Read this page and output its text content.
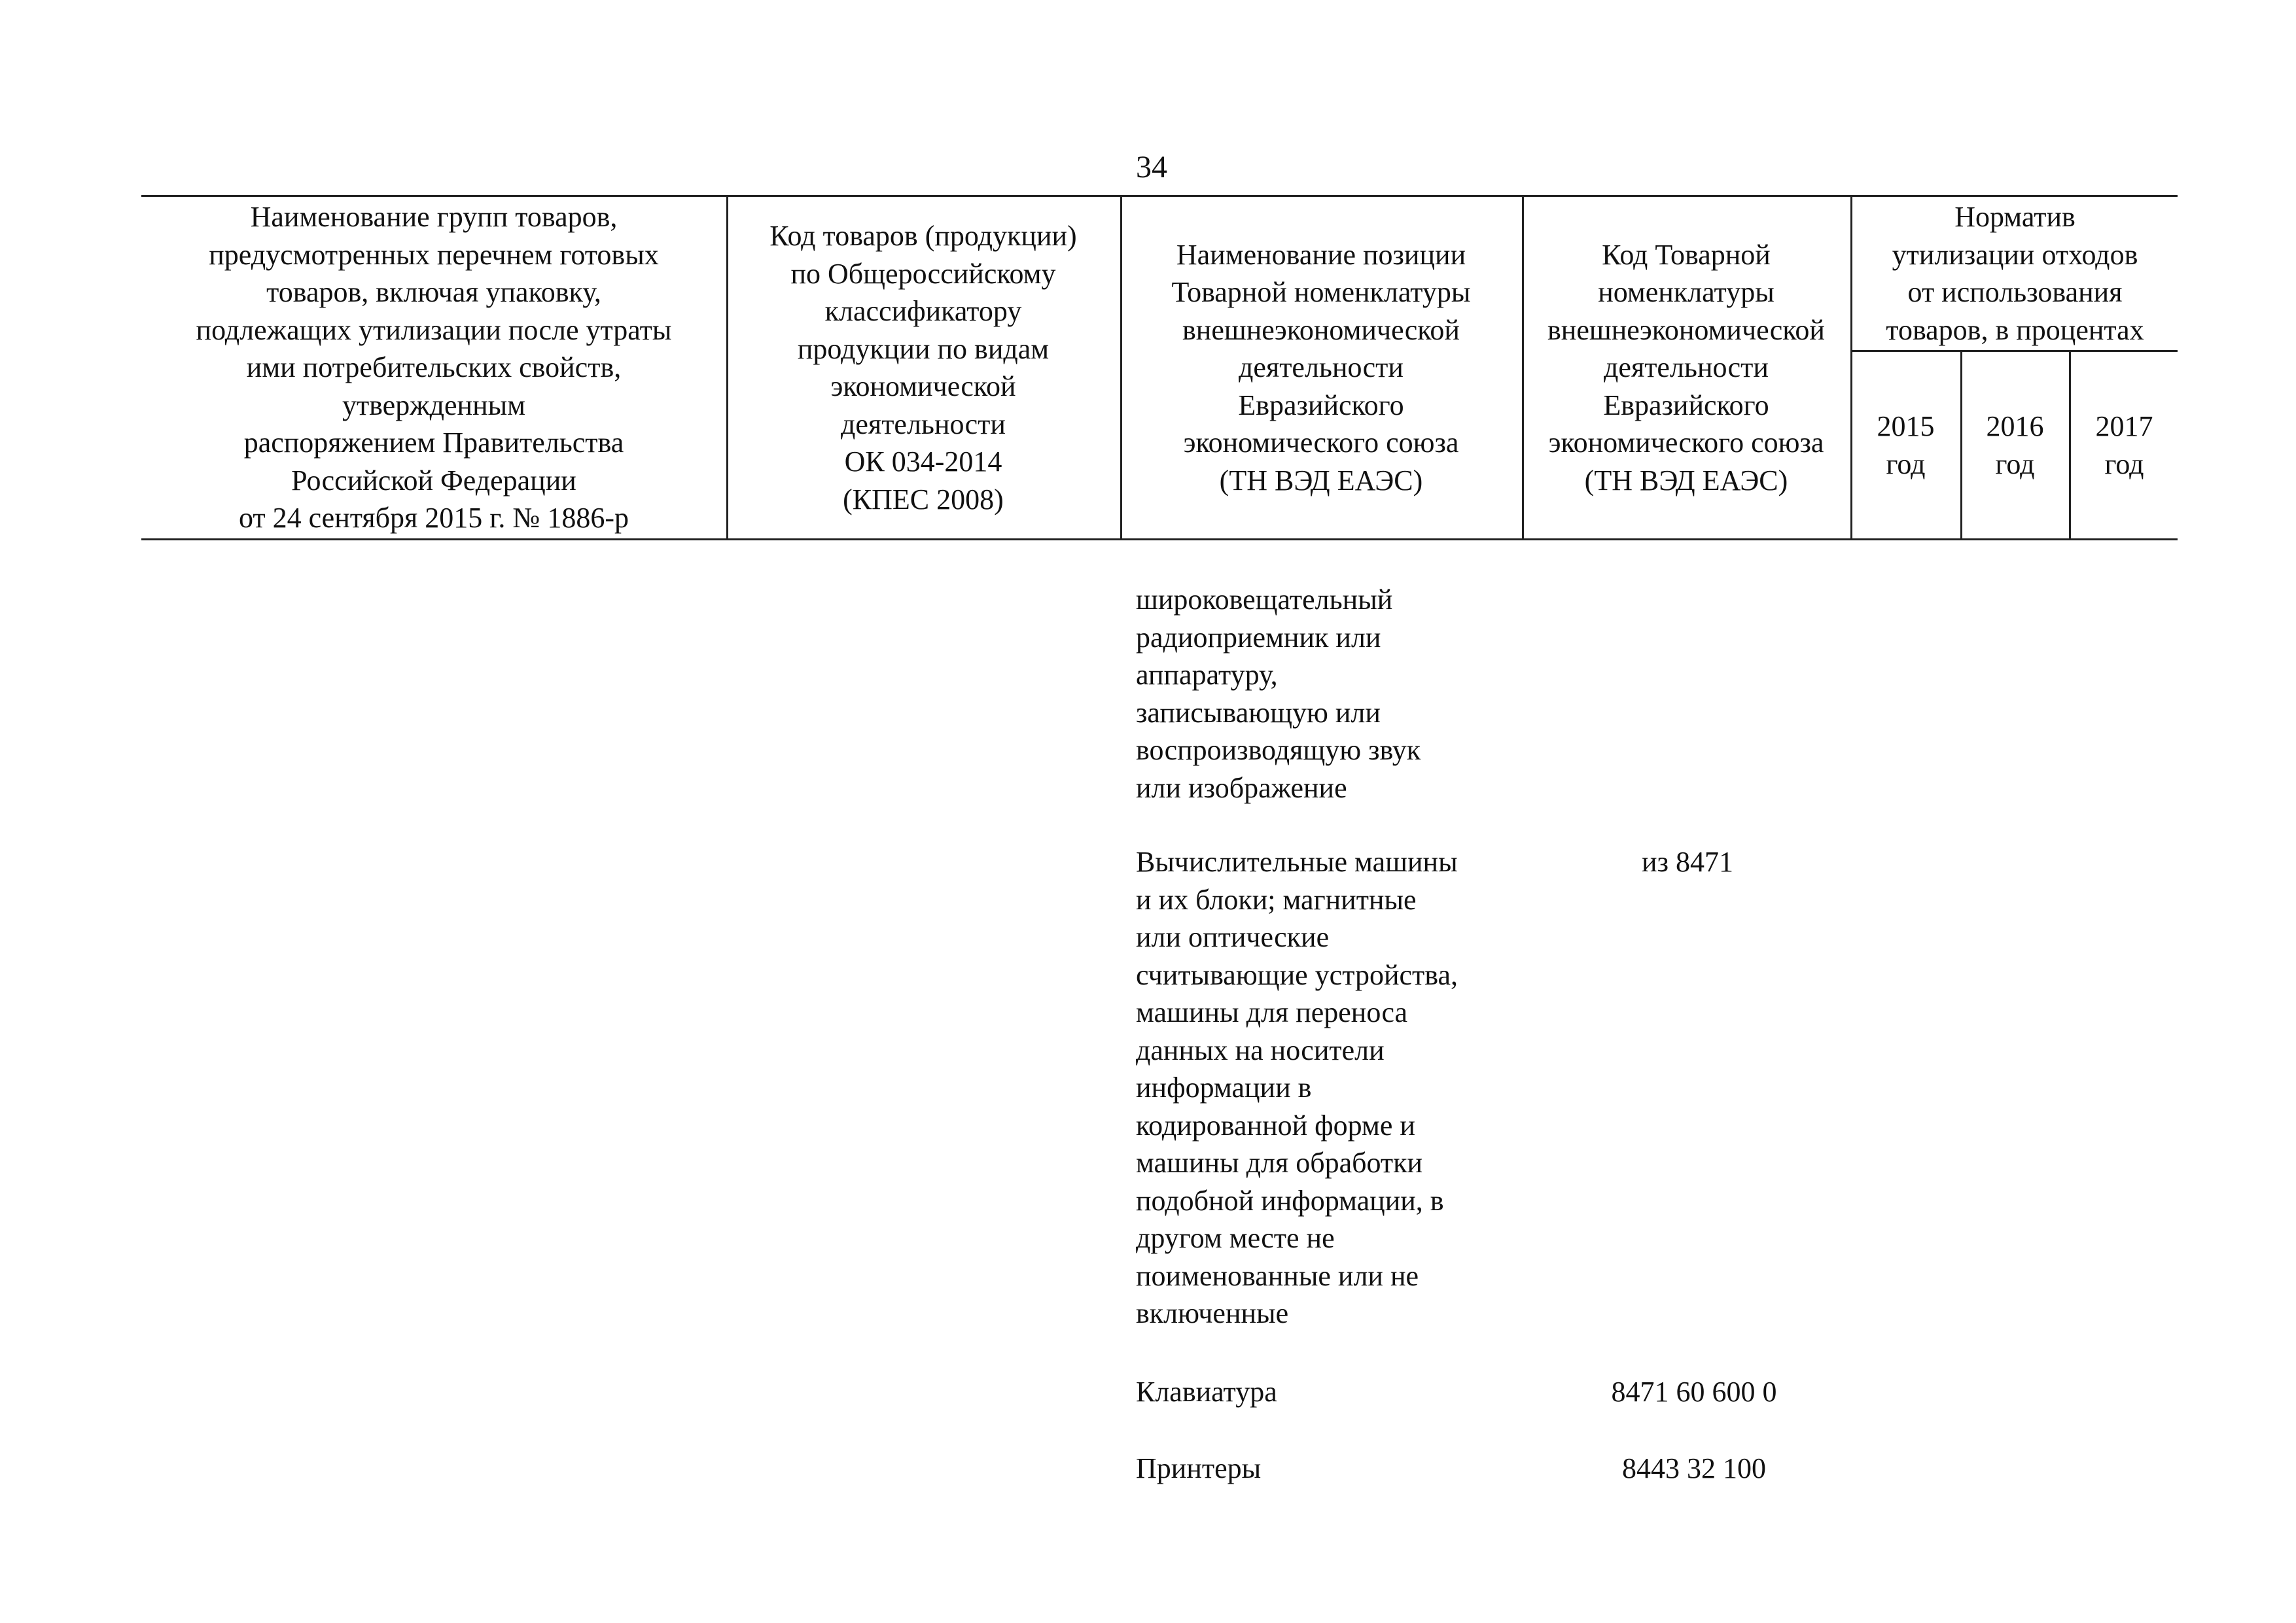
34
Наименование групп товаров,
предусмотренных перечнем готовых
товаров, включая упаковку,
подлежащих утилизации после утраты
ими потребительских свойств,
утвержденным
распоряжением Правительства
Российской Федерации
от 24 сентября 2015 г. № 1886-р
Код товаров (продукции)
по Общероссийскому
классификатору
продукции по видам
экономической
деятельности
ОК 034-2014
(КПЕС 2008)
Наименование позиции
Товарной номенклатуры
внешнеэкономической
деятельности
Евразийского
экономического союза
(ТН ВЭД ЕАЭС)
Код Товарной
номенклатуры
внешнеэкономической
деятельности
Евразийского
экономического союза
(ТН ВЭД ЕАЭС)
Норматив
утилизации отходов
от использования
товаров, в процентах
2015
год
2016
год
2017
год
широковещательный
радиоприемник или
аппаратуру,
записывающую или
воспроизводящую звук
или изображение
Вычислительные машины
и их блоки; магнитные
или оптические
считывающие устройства,
машины для переноса
данных на носители
информации в
кодированной форме и
машины для обработки
подобной информации, в
другом месте не
поименованные или не
включенные
из 8471
Клавиатура	8471 60 600 0
Принтеры	8443 32 100
